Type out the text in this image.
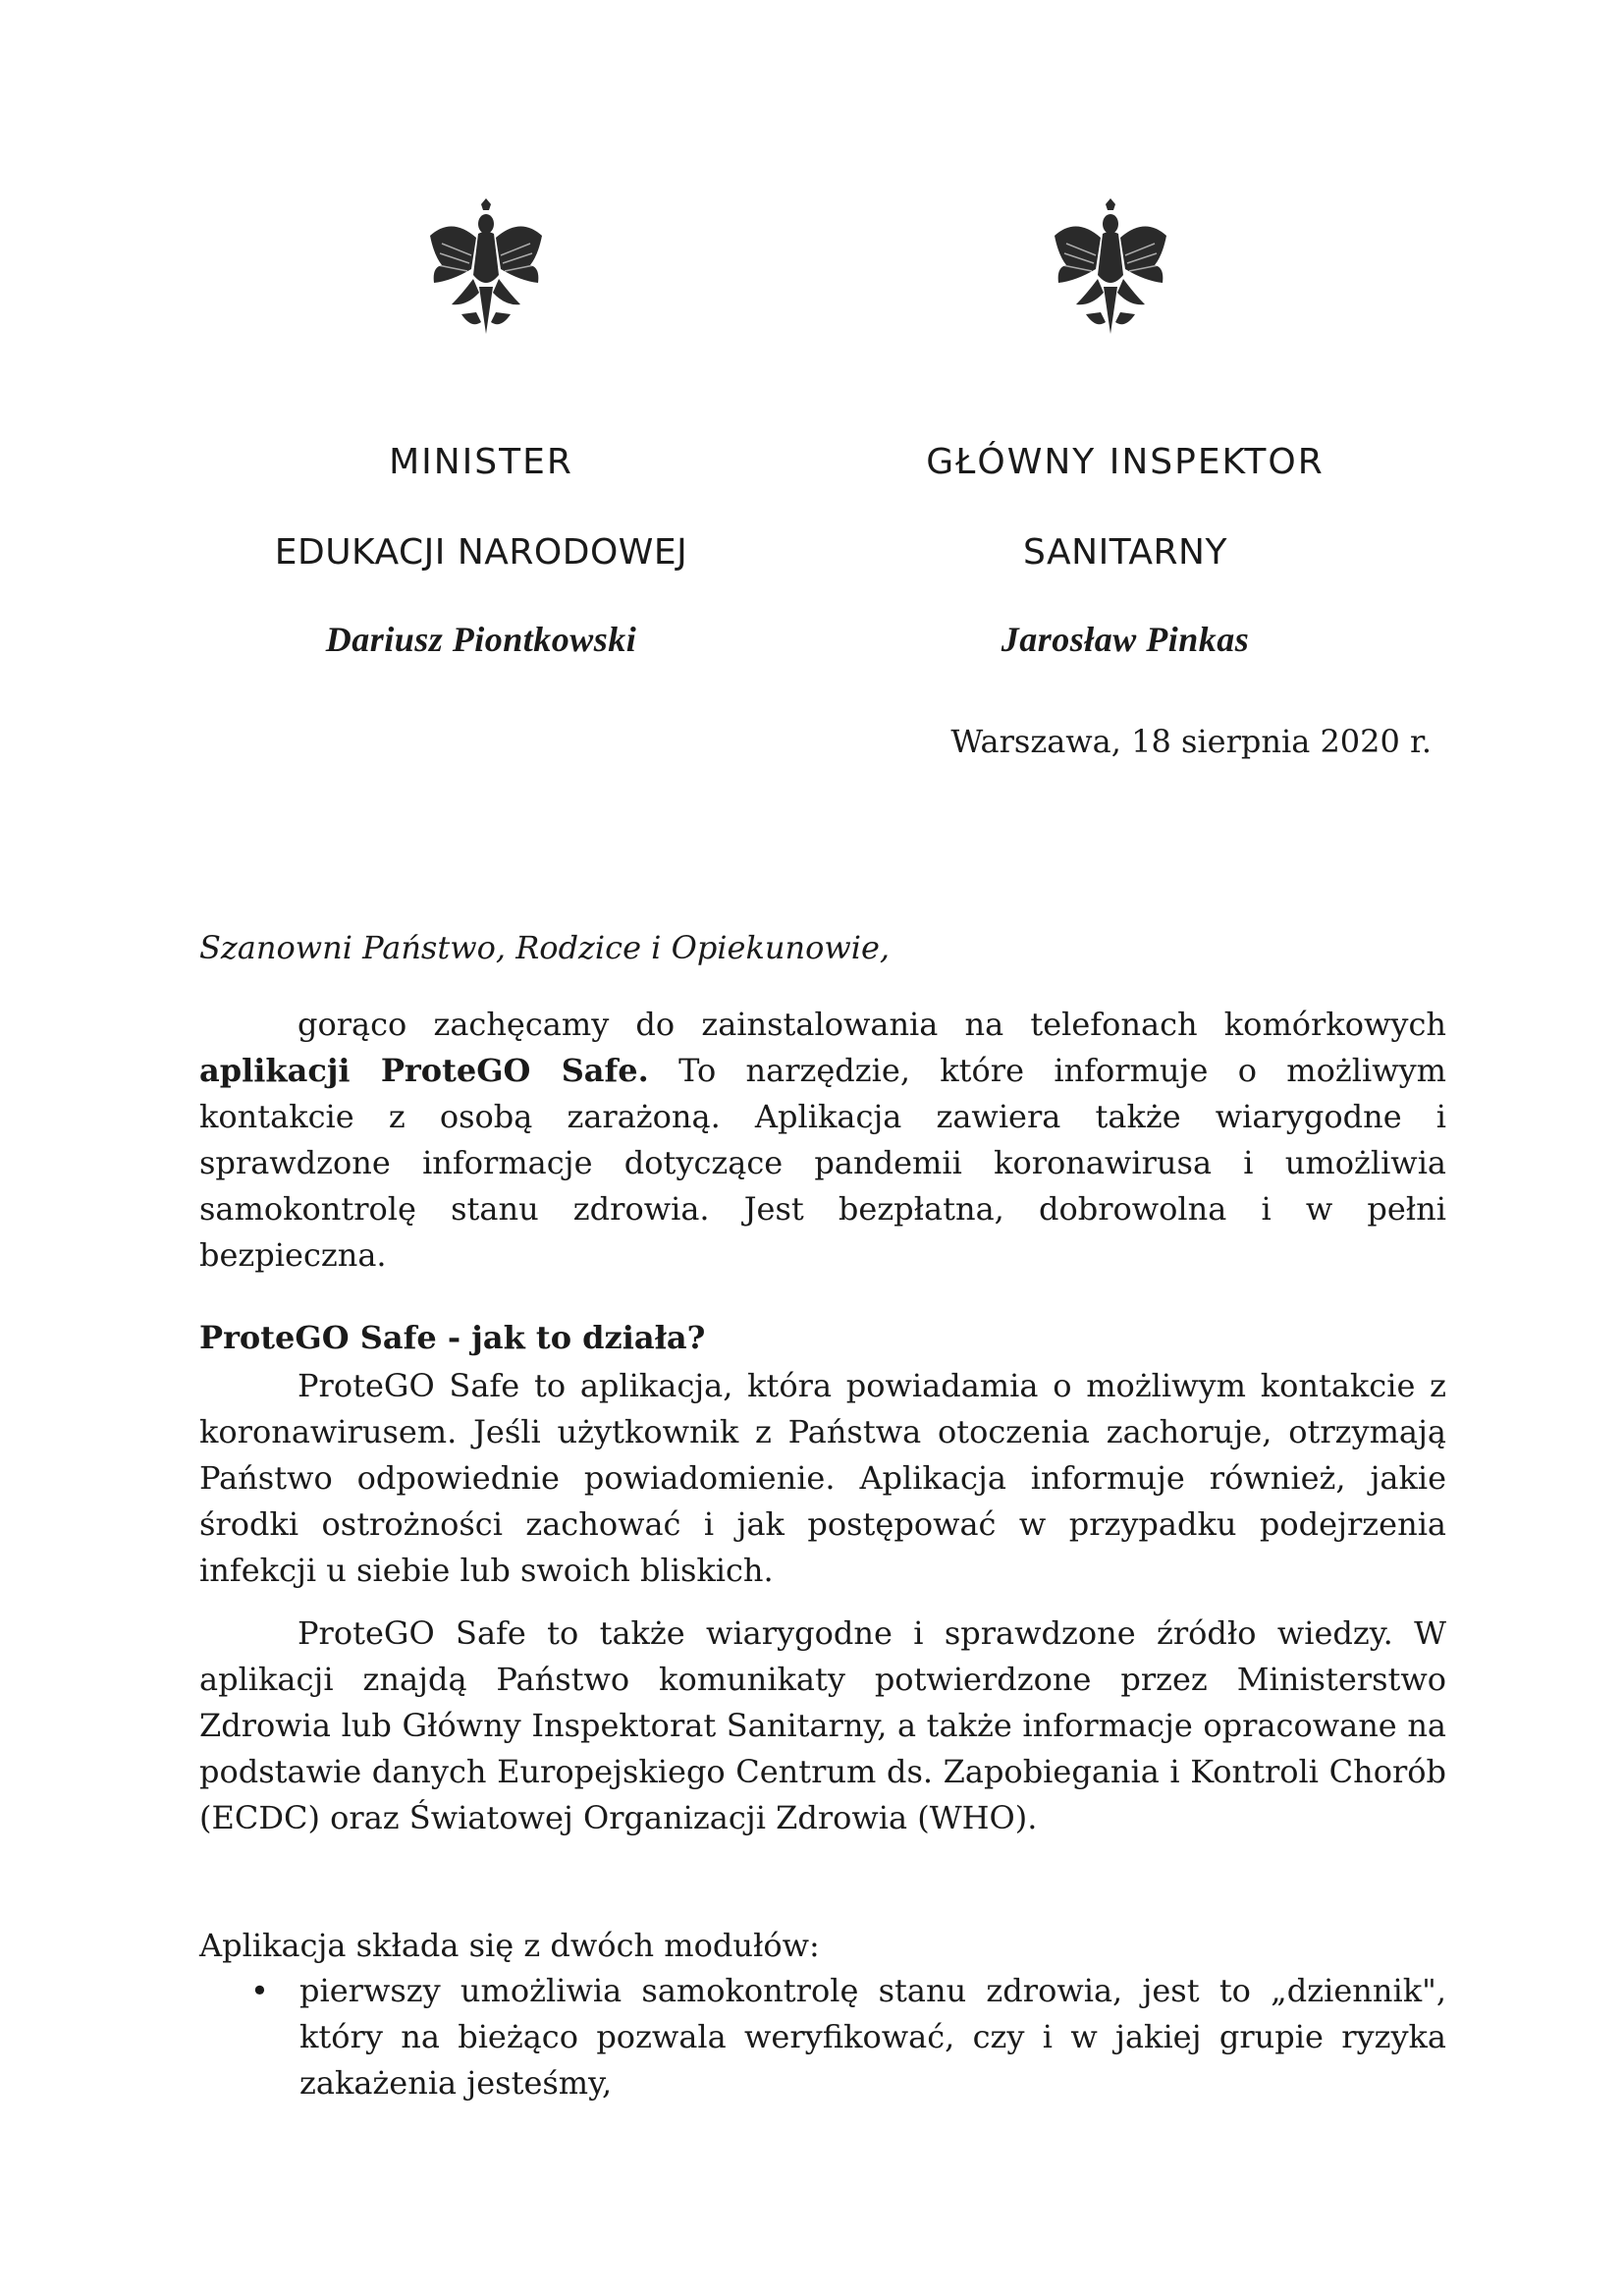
MINISTER
EDUKACJI NARODOWEJ
Dariusz Piontkowski
GŁÓWNY INSPEKTOR
SANITARNY
Jarosław Pinkas
Warszawa, 18 sierpnia 2020 r.
Szanowni Państwo, Rodzice i Opiekunowie,
gorąco zachęcamy do zainstalowania na telefonach komórkowych aplikacji ProteGO Safe. To narzędzie, które informuje o możliwym kontakcie z osobą zarażoną. Aplikacja zawiera także wiarygodne i sprawdzone informacje dotyczące pandemii koronawirusa i umożliwia samokontrolę stanu zdrowia. Jest bezpłatna, dobrowolna i w pełni bezpieczna.
ProteGO Safe - jak to działa?
ProteGO Safe to aplikacja, która powiadamia o możliwym kontakcie z koronawirusem. Jeśli użytkownik z Państwa otoczenia zachoruje, otrzymają Państwo odpowiednie powiadomienie. Aplikacja informuje również, jakie środki ostrożności zachować i jak postępować w przypadku podejrzenia infekcji u siebie lub swoich bliskich.
ProteGO Safe to także wiarygodne i sprawdzone źródło wiedzy. W aplikacji znajdą Państwo komunikaty potwierdzone przez Ministerstwo Zdrowia lub Główny Inspektorat Sanitarny, a także informacje opracowane na podstawie danych Europejskiego Centrum ds. Zapobiegania i Kontroli Chorób (ECDC) oraz Światowej Organizacji Zdrowia (WHO).
Aplikacja składa się z dwóch modułów:
• pierwszy umożliwia samokontrolę stanu zdrowia, jest to „dziennik", który na bieżąco pozwala weryfikować, czy i w jakiej grupie ryzyka zakażenia jesteśmy,
